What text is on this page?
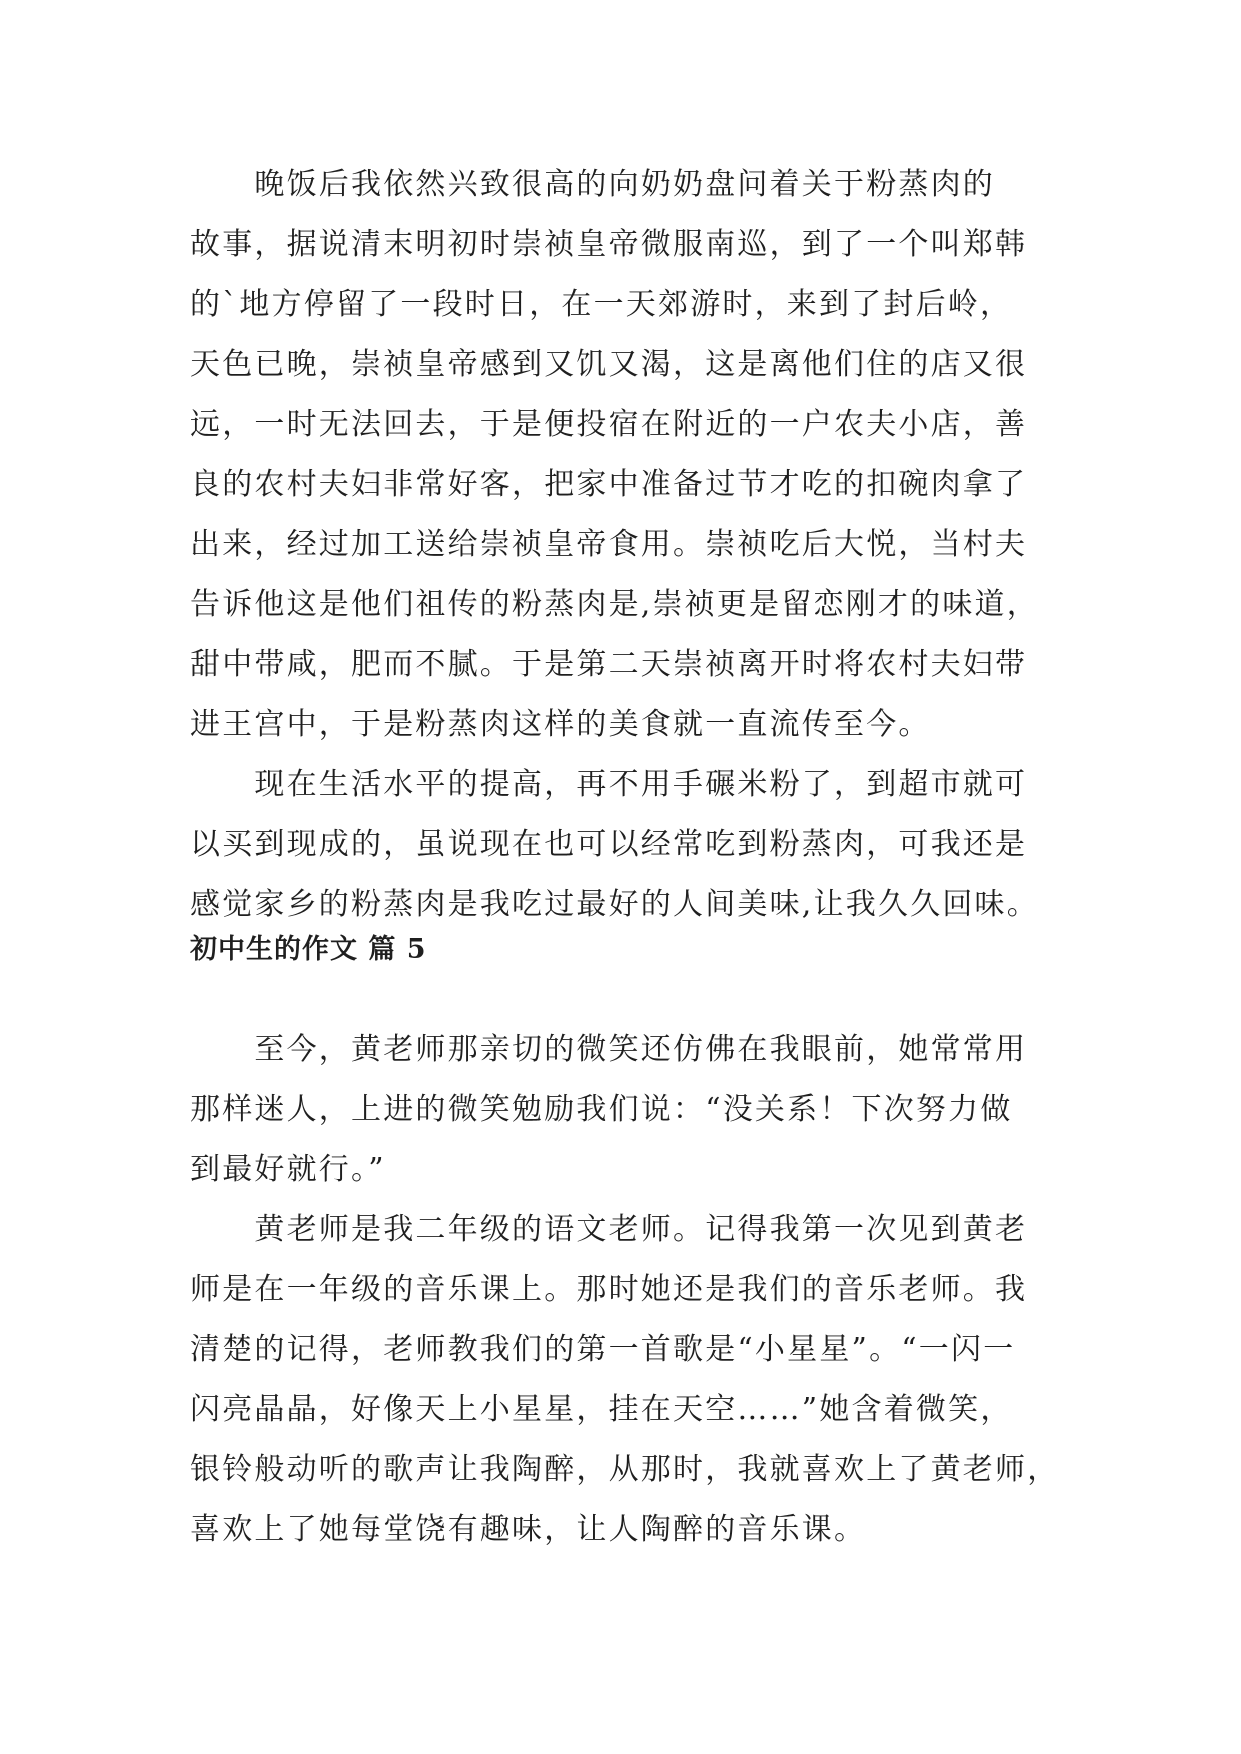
　　晚饭后我依然兴致很高的向奶奶盘问着关于粉蒸肉的
故事，据说清末明初时崇祯皇帝微服南巡，到了一个叫郑韩
的`地方停留了一段时日，在一天郊游时，来到了封后岭，
天色已晚，崇祯皇帝感到又饥又渴，这是离他们住的店又很
远，一时无法回去，于是便投宿在附近的一户农夫小店，善
良的农村夫妇非常好客，把家中准备过节才吃的扣碗肉拿了
出来，经过加工送给崇祯皇帝食用。崇祯吃后大悦，当村夫
告诉他这是他们祖传的粉蒸肉是,崇祯更是留恋刚才的味道，
甜中带咸，肥而不腻。于是第二天崇祯离开时将农村夫妇带
进王宫中，于是粉蒸肉这样的美食就一直流传至今。

　　现在生活水平的提高，再不用手碾米粉了，到超市就可
以买到现成的，虽说现在也可以经常吃到粉蒸肉，可我还是
感觉家乡的粉蒸肉是我吃过最好的人间美味,让我久久回味。

初中生的作文 篇 5

　　至今，黄老师那亲切的微笑还仿佛在我眼前，她常常用
那样迷人，上进的微笑勉励我们说：“没关系！下次努力做
到最好就行。”

　　黄老师是我二年级的语文老师。记得我第一次见到黄老
师是在一年级的音乐课上。那时她还是我们的音乐老师。我
清楚的记得，老师教我们的第一首歌是“小星星”。“一闪一
闪亮晶晶，好像天上小星星，挂在天空……”她含着微笑，
银铃般动听的歌声让我陶醉，从那时，我就喜欢上了黄老师，
喜欢上了她每堂饶有趣味，让人陶醉的音乐课。
